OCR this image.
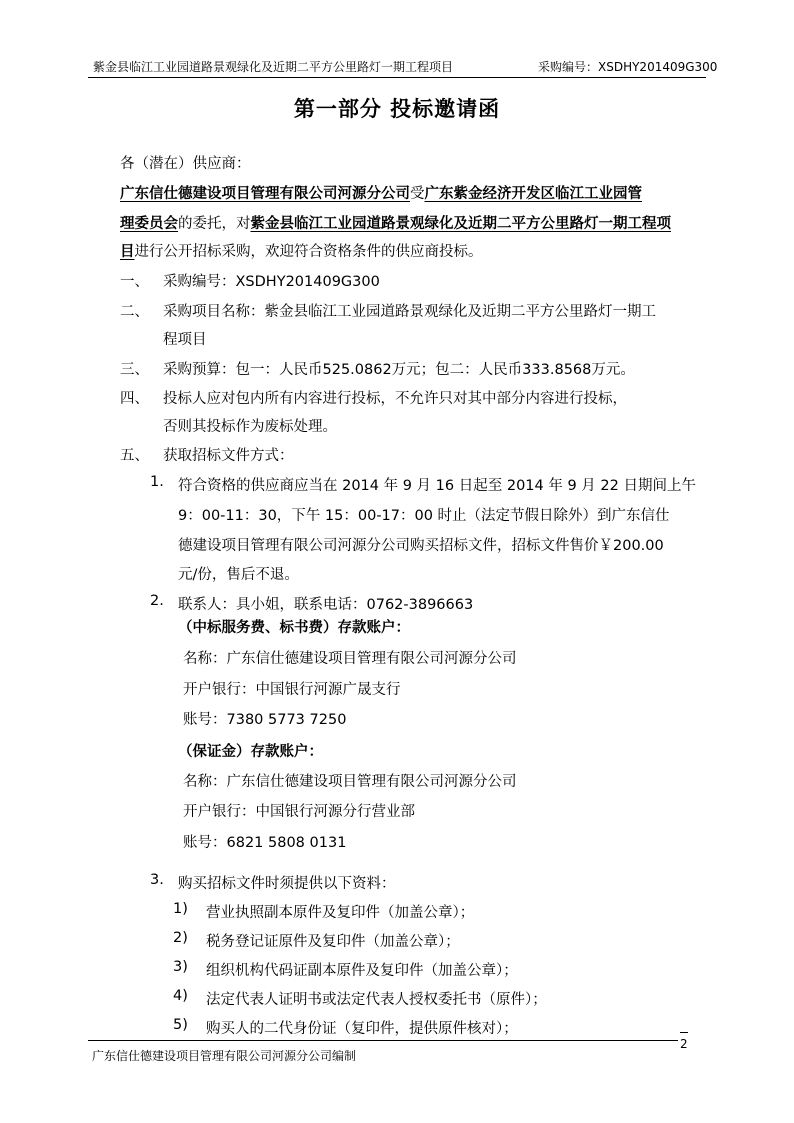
紫金县临江工业园道路景观绿化及近期二平方公里路灯一期工程项目	采购编号：XSDHY201409G300
第一部分 投标邀请函
各（潜在）供应商：
广东信仕德建设项目管理有限公司河源分公司受广东紫金经济开发区临江工业园管
理委员会的委托，对紫金县临江工业园道路景观绿化及近期二平方公里路灯一期工程项
目进行公开招标采购，欢迎符合资格条件的供应商投标。
一、 采购编号：XSDHY201409G300
二、 采购项目名称：紫金县临江工业园道路景观绿化及近期二平方公里路灯一期工
程项目
三、 采购预算：包一：人民币525.0862万元；包二：人民币333.8568万元。
四、 投标人应对包内所有内容进行投标，不允许只对其中部分内容进行投标，
否则其投标作为废标处理。
五、 获取招标文件方式：
1. 符合资格的供应商应当在 2014 年 9 月 16 日起至 2014 年 9 月 22 日期间上午
9：00-11：30，下午 15：00-17：00 时止（法定节假日除外）到广东信仕
德建设项目管理有限公司河源分公司购买招标文件，招标文件售价￥200.00
元/份，售后不退。
2. 联系人：具小姐，联系电话：0762-3896663
（中标服务费、标书费）存款账户：
名称：广东信仕德建设项目管理有限公司河源分公司
开户银行：中国银行河源广晟支行
账号：7380 5773 7250
（保证金）存款账户：
名称：广东信仕德建设项目管理有限公司河源分公司
开户银行：中国银行河源分行营业部
账号：6821 5808 0131
3. 购买招标文件时须提供以下资料：
1) 营业执照副本原件及复印件（加盖公章）；
2) 税务登记证原件及复印件（加盖公章）；
3) 组织机构代码证副本原件及复印件（加盖公章）；
4) 法定代表人证明书或法定代表人授权委托书（原件）；
5) 购买人的二代身份证（复印件，提供原件核对）；
2
广东信仕德建设项目管理有限公司河源分公司编制
